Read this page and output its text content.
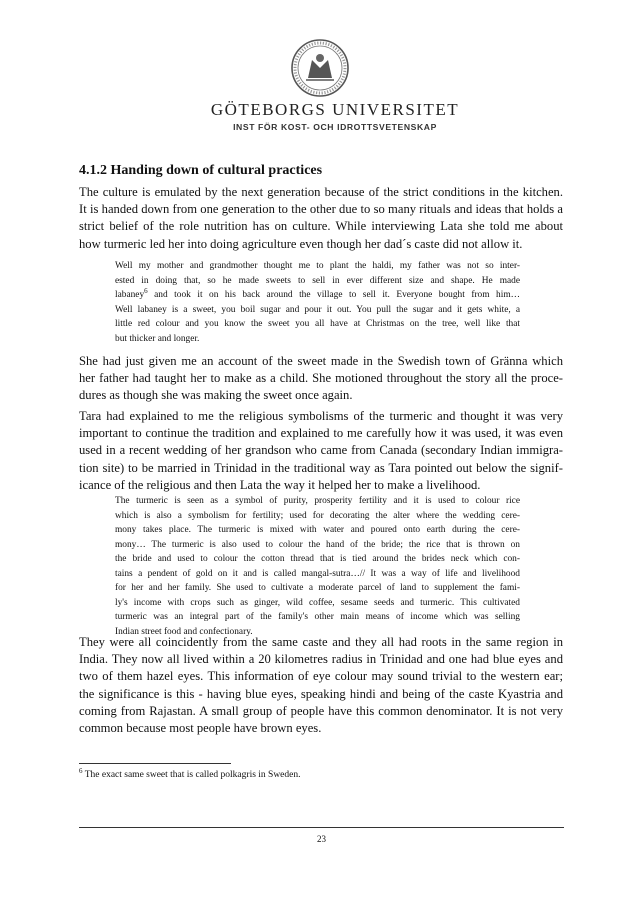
GÖTEBORGS UNIVERSITET
INST FÖR KOST- OCH IDROTTSVETENSKAP
4.1.2 Handing down of cultural practices

The culture is emulated by the next generation because of the strict conditions in the kitchen.
It is handed down from one generation to the other due to so many rituals and ideas that holds a
strict belief of the role nutrition has on culture. While interviewing Lata she told me about
how turmeric led her into doing agriculture even though her dad´s caste did not allow it.

Well my mother and grandmother thought me to plant the haldi, my father was not so inter-
ested in doing that, so he made sweets to sell in ever different size and shape. He made
labaney$^6$ and took it on his back around the village to sell it. Everyone bought from him…
Well labaney is a sweet, you boil sugar and pour it out. You pull the sugar and it gets white, a
little red colour and you know the sweet you all have at Christmas on the tree, well like that
but thicker and longer.

She had just given me an account of the sweet made in the Swedish town of Gränna which
her father had taught her to make as a child. She motioned throughout the story all the proce-
dures as though she was making the sweet once again.

Tara had explained to me the religious symbolisms of the turmeric and thought it was very
important to continue the tradition and explained to me carefully how it was used, it was even
used in a recent wedding of her grandson who came from Canada (secondary Indian immigra-
tion site) to be married in Trinidad in the traditional way as Tara pointed out below the signif-
icance of the religious and then Lata the way it helped her to make a livelihood.

The turmeric is seen as a symbol of purity, prosperity fertility and it is used to colour rice
which is also a symbolism for fertility; used for decorating the alter where the wedding cere-
mony takes place. The turmeric is mixed with water and poured onto earth during the cere-
mony… The turmeric is also used to colour the hand of the bride; the rice that is thrown on
the bride and used to colour the cotton thread that is tied around the brides neck which con-
tains a pendent of gold on it and is called mangal-sutra…// It was a way of life and livelihood
for her and her family. She used to cultivate a moderate parcel of land to supplement the fami-
ly's income with crops such as ginger, wild coffee, sesame seeds and turmeric. This cultivated
turmeric was an integral part of the family's other main means of income which was selling
Indian street food and confectionary.

They were all coincidently from the same caste and they all had roots in the same region in
India. They now all lived within a 20 kilometres radius in Trinidad and one had blue eyes and
two of them hazel eyes. This information of eye colour may sound trivial to the western ear;
the significance is this - having blue eyes, speaking hindi and being of the caste Kyastria and
coming from Rajastan. A small group of people have this common denominator. It is not very
common because most people have brown eyes.

$^6$ The exact same sweet that is called polkagris in Sweden.

23
